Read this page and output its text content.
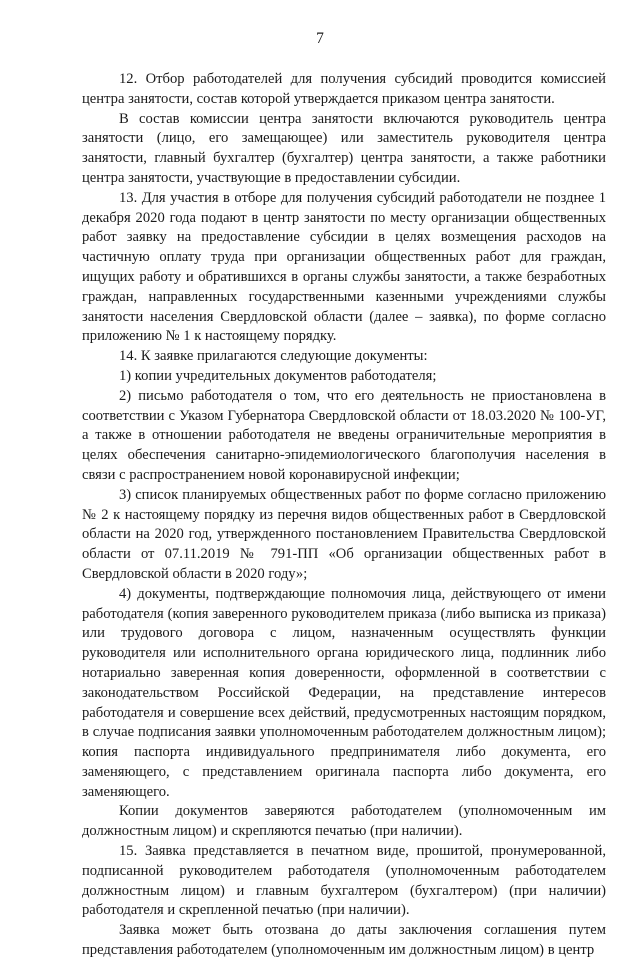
7

12. Отбор работодателей для получения субсидий проводится комиссией центра занятости, состав которой утверждается приказом центра занятости.

В состав комиссии центра занятости включаются руководитель центра занятости (лицо, его замещающее) или заместитель руководителя центра занятости, главный бухгалтер (бухгалтер) центра занятости, а также работники центра занятости, участвующие в предоставлении субсидии.

13. Для участия в отборе для получения субсидий работодатели не позднее 1 декабря 2020 года подают в центр занятости по месту организации общественных работ заявку на предоставление субсидии в целях возмещения расходов на частичную оплату труда при организации общественных работ для граждан, ищущих работу и обратившихся в органы службы занятости, а также безработных граждан, направленных государственными казенными учреждениями службы занятости населения Свердловской области (далее – заявка), по форме согласно приложению № 1 к настоящему порядку.

14. К заявке прилагаются следующие документы:

1) копии учредительных документов работодателя;

2) письмо работодателя о том, что его деятельность не приостановлена в соответствии с Указом Губернатора Свердловской области от 18.03.2020 № 100-УГ, а также в отношении работодателя не введены ограничительные мероприятия в целях обеспечения санитарно-эпидемиологического благополучия населения в связи с распространением новой коронавирусной инфекции;

3) список планируемых общественных работ по форме согласно приложению № 2 к настоящему порядку из перечня видов общественных работ в Свердловской области на 2020 год, утвержденного постановлением Правительства Свердловской области от 07.11.2019 № 791-ПП «Об организации общественных работ в Свердловской области в 2020 году»;

4) документы, подтверждающие полномочия лица, действующего от имени работодателя (копия заверенного руководителем приказа (либо выписка из приказа) или трудового договора с лицом, назначенным осуществлять функции руководителя или исполнительного органа юридического лица, подлинник либо нотариально заверенная копия доверенности, оформленной в соответствии с законодательством Российской Федерации, на представление интересов работодателя и совершение всех действий, предусмотренных настоящим порядком, в случае подписания заявки уполномоченным работодателем должностным лицом); копия паспорта индивидуального предпринимателя либо документа, его заменяющего, с представлением оригинала паспорта либо документа, его заменяющего.

Копии документов заверяются работодателем (уполномоченным им должностным лицом) и скрепляются печатью (при наличии).

15. Заявка представляется в печатном виде, прошитой, пронумерованной, подписанной руководителем работодателя (уполномоченным работодателем должностным лицом) и главным бухгалтером (бухгалтером) (при наличии) работодателя и скрепленной печатью (при наличии).

Заявка может быть отозвана до даты заключения соглашения путем представления работодателем (уполномоченным им должностным лицом) в центр
